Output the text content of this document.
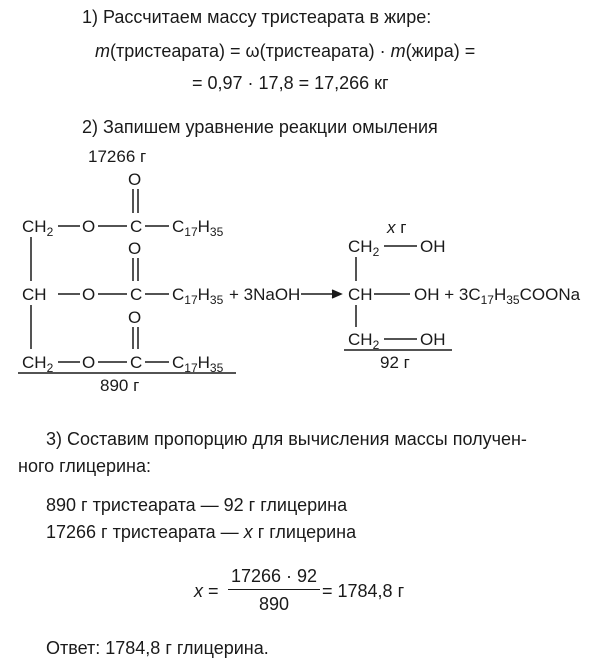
1) Рассчитаем массу тристеарата в жире:
m(тристеарата) = ω(тристеарата) · m(жира) =
= 0,97 · 17,8 = 17,266 кг
2) Запишем уравнение реакции омыления
17266 г
O
$CH_2$ O C $C_{17}H_{35}$
O
CH O C $C_{17}H_{35}$ + 3NaOH
O
$CH_2$ O C $C_{17}H_{35}$
890 г
x г
$CH_2$ OH
CH OH + $3C_{17}H_{35}COONa$
$CH_2$ OH
92 г
3) Составим пропорцию для вычисления массы получен-
ного глицерина:
890 г тристеарата — 92 г глицерина
17266 г тристеарата — x г глицерина
x =
17266 · 92
890
= 1784,8 г
Ответ: 1784,8 г глицерина.
